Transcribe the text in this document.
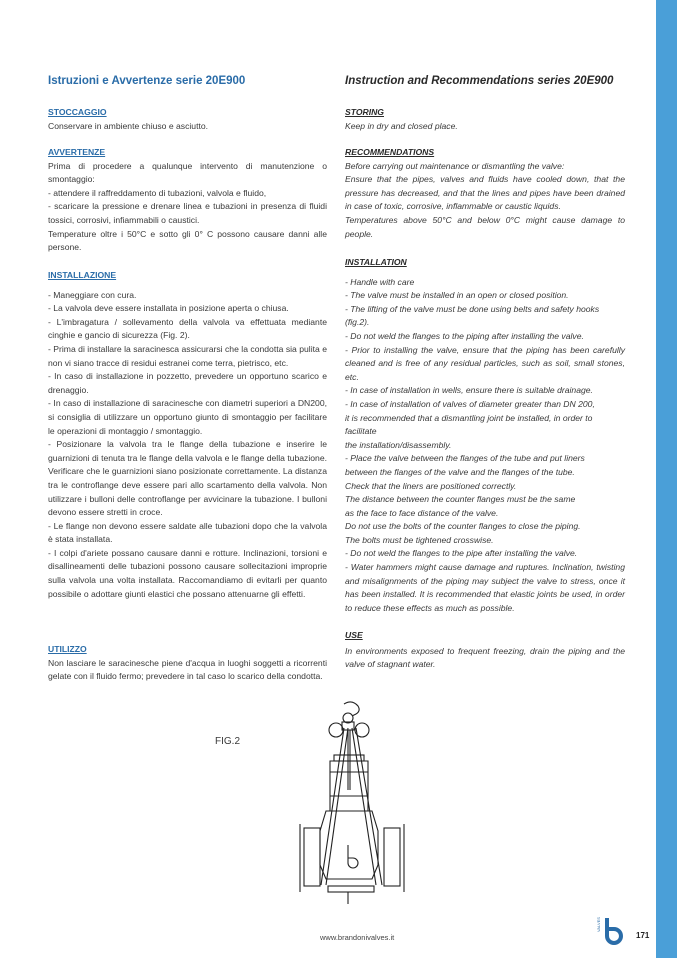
Istruzioni e Avvertenze serie 20E900	Instruction and Recommendations series 20E900

STOCCAGGIO

Conservare in ambiente chiuso e asciutto.

AVVERTENZE

Prima di procedere a qualunque intervento di manutenzione o smontaggio:

- attendere il raffreddamento di tubazioni, valvola e fluido,

- scaricare la pressione e drenare linea e tubazioni in presenza di fluidi tossici, corrosivi, infiammabili o caustici.

Temperature oltre i 50°C e sotto gli 0° C possono causare danni alle persone.

INSTALLAZIONE

- Maneggiare con cura.

- La valvola deve essere installata in posizione aperta o chiusa.

- L'imbragatura / sollevamento della valvola va effettuata mediante cinghie e gancio di sicurezza (Fig. 2).

- Prima di installare la saracinesca assicurarsi che la condotta sia pulita e non vi siano tracce di residui estranei come terra, pietrisco, etc.

- In caso di installazione in pozzetto, prevedere un opportuno scarico e drenaggio.

- In caso di installazione di saracinesche con diametri superiori a DN200, si consiglia di utilizzare un opportuno giunto di smontaggio per facilitare le operazioni di montaggio / smontaggio.

- Posizionare la valvola tra le flange della tubazione e inserire le guarnizioni di tenuta tra le flange della valvola e le flange della tubazione. Verificare che le guarnizioni siano posizionate correttamente. La distanza tra le controflange deve essere pari allo scartamento della valvola. Non utilizzare i bulloni delle controflange per avvicinare la tubazione. I bulloni devono essere stretti in croce.

- Le flange non devono essere saldate alle tubazioni dopo che la valvola è stata installata.

- I colpi d'ariete possano causare danni e rotture. Inclinazioni, torsioni e disallineamenti delle tubazioni possono causare sollecitazioni improprie sulla valvola una volta installata. Raccomandiamo di evitarli per quanto possibile o adottare giunti elastici che possano attenuarne gli effetti.

UTILIZZO

Non lasciare le saracinesche piene d'acqua in luoghi soggetti a ricorrenti gelate con il fluido fermo; prevedere in tal caso lo scarico della condotta.

STORING

Keep in dry and closed place.

RECOMMENDATIONS

Before carrying out maintenance or dismantling the valve:

Ensure that the pipes, valves and fluids have cooled down, that the pressure has decreased, and that the lines and pipes have been drained in case of toxic, corrosive, inflammable or caustic liquids.

Temperatures above 50°C and below 0°C might cause damage to people.

INSTALLATION

- Handle with care

- The valve must be installed in an open or closed position.

- The lifting of the valve must be done using belts and safety hooks (fig.2).

- Do not weld the flanges to the piping after installing the valve.

- Prior to installing the valve, ensure that the piping has been carefully cleaned and is free of any residual particles, such as soil, small stones, etc.

- In case of installation in wells, ensure there is suitable drainage.

- In case of installation of valves of diameter greater than DN 200,

it is recommended that a dismantling joint be installed, in order to facilitate

the installation/disassembly.

- Place the valve between the flanges of the tube and put liners

between the flanges of the valve and the flanges of the tube.

Check that the liners are positioned correctly.

The distance between the counter flanges must be the same

as the face to face distance of the valve.

Do not use the bolts of the counter flanges to close the piping.

The bolts must be tightened crosswise.

- Do not weld the flanges to the pipe after installing the valve.

- Water hammers might cause damage and ruptures. Inclination, twisting and misalignments of the piping may subject the valve to stress, once it has been installed. It is recommended that elastic joints be used, in order to reduce these effects as much as possible.

USE

In environments exposed to frequent freezing, drain the piping and the valve of stagnant water.

FIG.2
www.brandonivalves.it
VALVES
171
